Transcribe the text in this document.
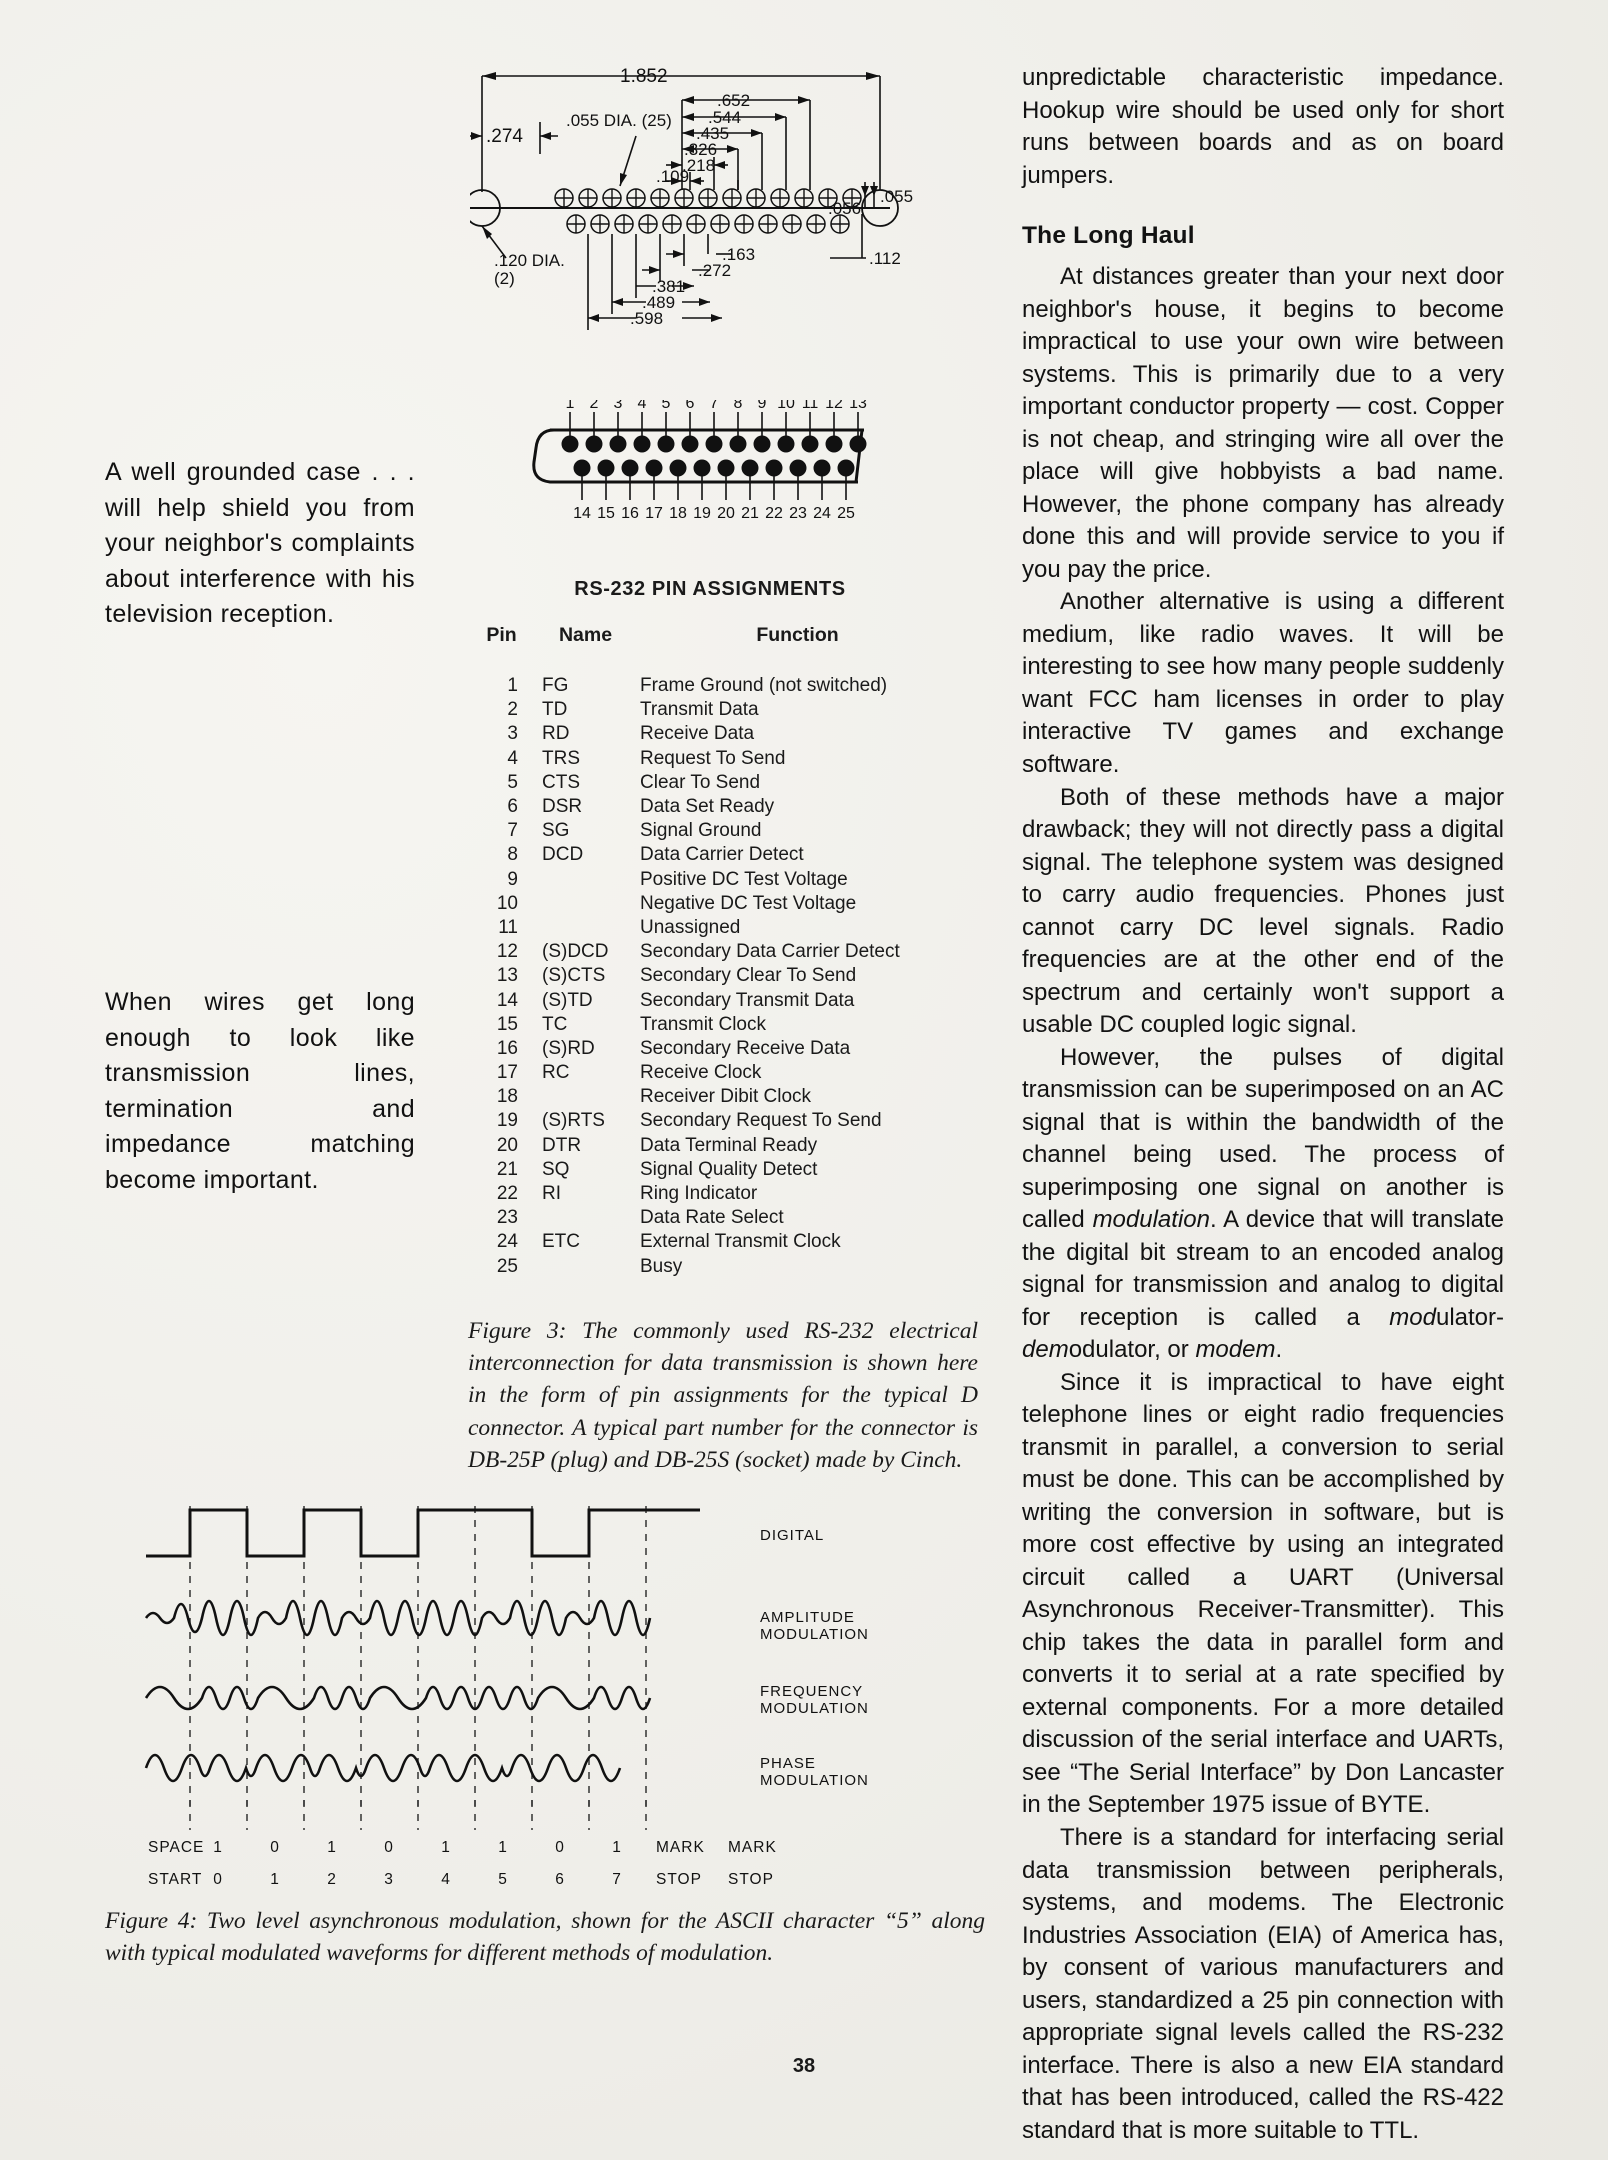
A well grounded case . . . will help shield you from your neighbor's complaints about interference with his television reception.
When wires get long enough to look like transmission lines, termination and impedance matching become important.
1.852
.652
.544
.435
.326
.218
.274
.055 DIA. (25)
.109
.055
.056
.112
.120 DIA.
(2)
.163
.272
.381
.489
.598
1 2 3 4 5 6 7 8 9 10 11 12 13
14 15 16 17 18 19 20 21 22 23 24 25
RS-232 PIN ASSIGNMENTS
Pin	Name	Function
1	FG	Frame Ground (not switched)
2	TD	Transmit Data
3	RD	Receive Data
4	TRS	Request To Send
5	CTS	Clear To Send
6	DSR	Data Set Ready
7	SG	Signal Ground
8	DCD	Data Carrier Detect
9		Positive DC Test Voltage
10		Negative DC Test Voltage
11		Unassigned
12	(S)DCD	Secondary Data Carrier Detect
13	(S)CTS	Secondary Clear To Send
14	(S)TD	Secondary Transmit Data
15	TC	Transmit Clock
16	(S)RD	Secondary Receive Data
17	RC	Receive Clock
18		Receiver Dibit Clock
19	(S)RTS	Secondary Request To Send
20	DTR	Data Terminal Ready
21	SQ	Signal Quality Detect
22	RI	Ring Indicator
23		Data Rate Select
24	ETC	External Transmit Clock
25		Busy
Figure 3: The commonly used RS-232 electrical interconnection for data transmission is shown here in the form of pin assignments for the typical D connector. A typical part number for the connector is DB-25P (plug) and DB-25S (socket) made by Cinch.
SPACE 1	0	1	0	1	1	0	1 MARK MARK
START 0	1	2	3	4	5	6	7 STOP STOP
DIGITAL
AMPLITUDE MODULATION
FREQUENCY MODULATION
PHASE MODULATION
Figure 4: Two level asynchronous modulation, shown for the ASCII character “5” along with typical modulated waveforms for different methods of modulation.

unpredictable characteristic impedance. Hookup wire should be used only for short runs between boards and as on board jumpers.

The Long Haul

At distances greater than your next door neighbor's house, it begins to become impractical to use your own wire between systems. This is primarily due to a very important conductor property — cost. Copper is not cheap, and stringing wire all over the place will give hobbyists a bad name. However, the phone company has already done this and will provide service to you if you pay the price.

Another alternative is using a different medium, like radio waves. It will be interesting to see how many people suddenly want FCC ham licenses in order to play interactive TV games and exchange software.

Both of these methods have a major drawback; they will not directly pass a digital signal. The telephone system was designed to carry audio frequencies. Phones just cannot carry DC level signals. Radio frequencies are at the other end of the spectrum and certainly won't support a usable DC coupled logic signal.

However, the pulses of digital transmission can be superimposed on an AC signal that is within the bandwidth of the channel being used. The process of superimposing one signal on another is called modulation. A device that will translate the digital bit stream to an encoded analog signal for transmission and analog to digital for reception is called a modulator-demodulator, or modem.

Since it is impractical to have eight telephone lines or eight radio frequencies transmit in parallel, a conversion to serial must be done. This can be accomplished by writing the conversion in software, but is more cost effective by using an integrated circuit called a UART (Universal Asynchronous Receiver-Transmitter). This chip takes the data in parallel form and converts it to serial at a rate specified by external components. For a more detailed discussion of the serial interface and UARTs, see “The Serial Interface” by Don Lancaster in the September 1975 issue of BYTE.

There is a standard for interfacing serial data transmission between peripherals, systems, and modems. The Electronic Industries Association (EIA) of America has, by consent of various manufacturers and users, standardized a 25 pin connection with appropriate signal levels called the RS-232 interface. There is also a new EIA standard that has been introduced, called the RS-422 standard that is more suitable to TTL.

38
